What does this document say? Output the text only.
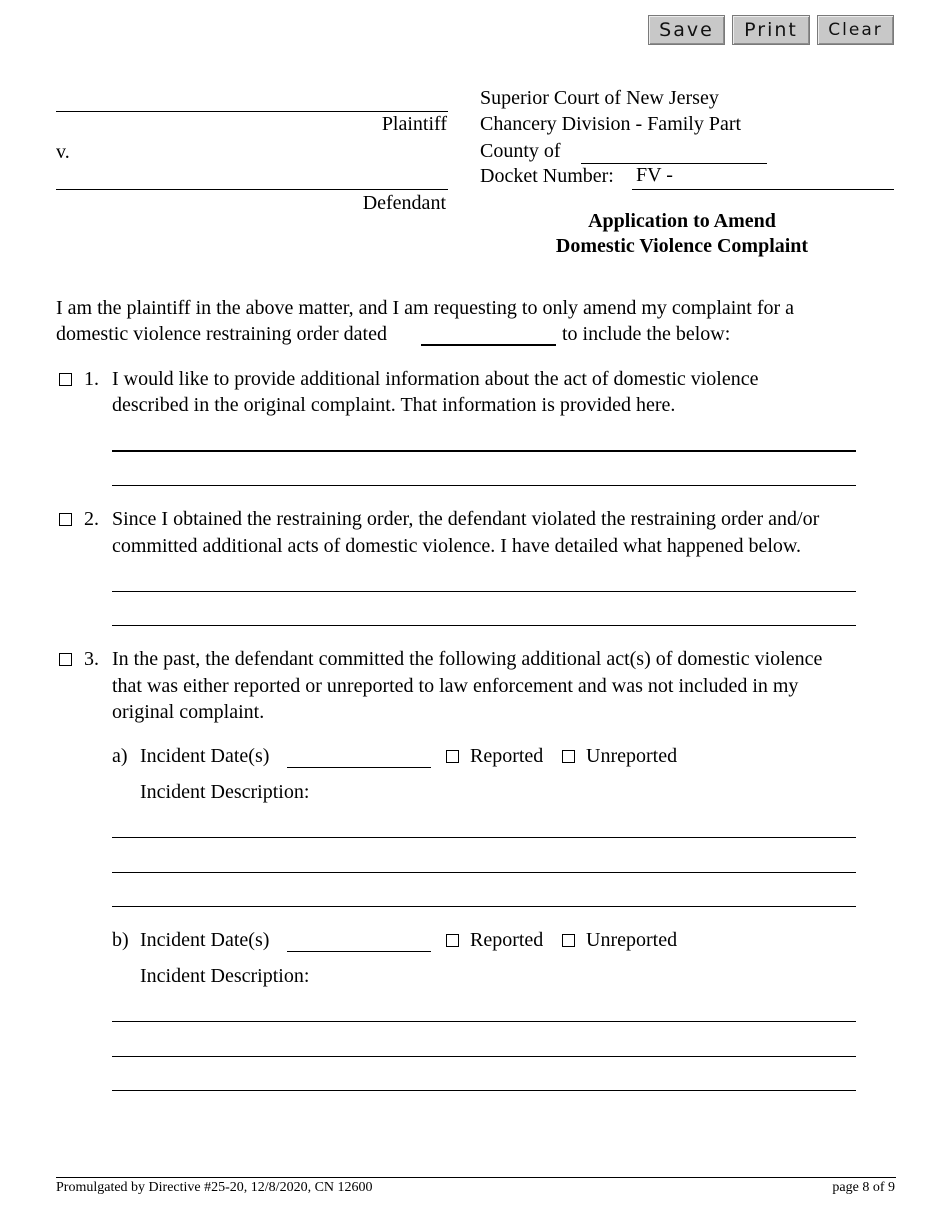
Save	Print	Clear
Plaintiff
v.
Defendant
Superior Court of New Jersey
Chancery Division - Family Part
County of
Docket Number: FV -
Application to Amend
Domestic Violence Complaint
I am the plaintiff in the above matter, and I am requesting to only amend my complaint for a
domestic violence restraining order dated	to include the below:
1. I would like to provide additional information about the act of domestic violence
described in the original complaint. That information is provided here.
2. Since I obtained the restraining order, the defendant violated the restraining order and/or
committed additional acts of domestic violence. I have detailed what happened below.
3. In the past, the defendant committed the following additional act(s) of domestic violence
that was either reported or unreported to law enforcement and was not included in my
original complaint.
a) Incident Date(s)	Reported Unreported
Incident Description:
b) Incident Date(s)	Reported Unreported
Incident Description:
Promulgated by Directive #25-20, 12/8/2020, CN 12600	page 8 of 9
